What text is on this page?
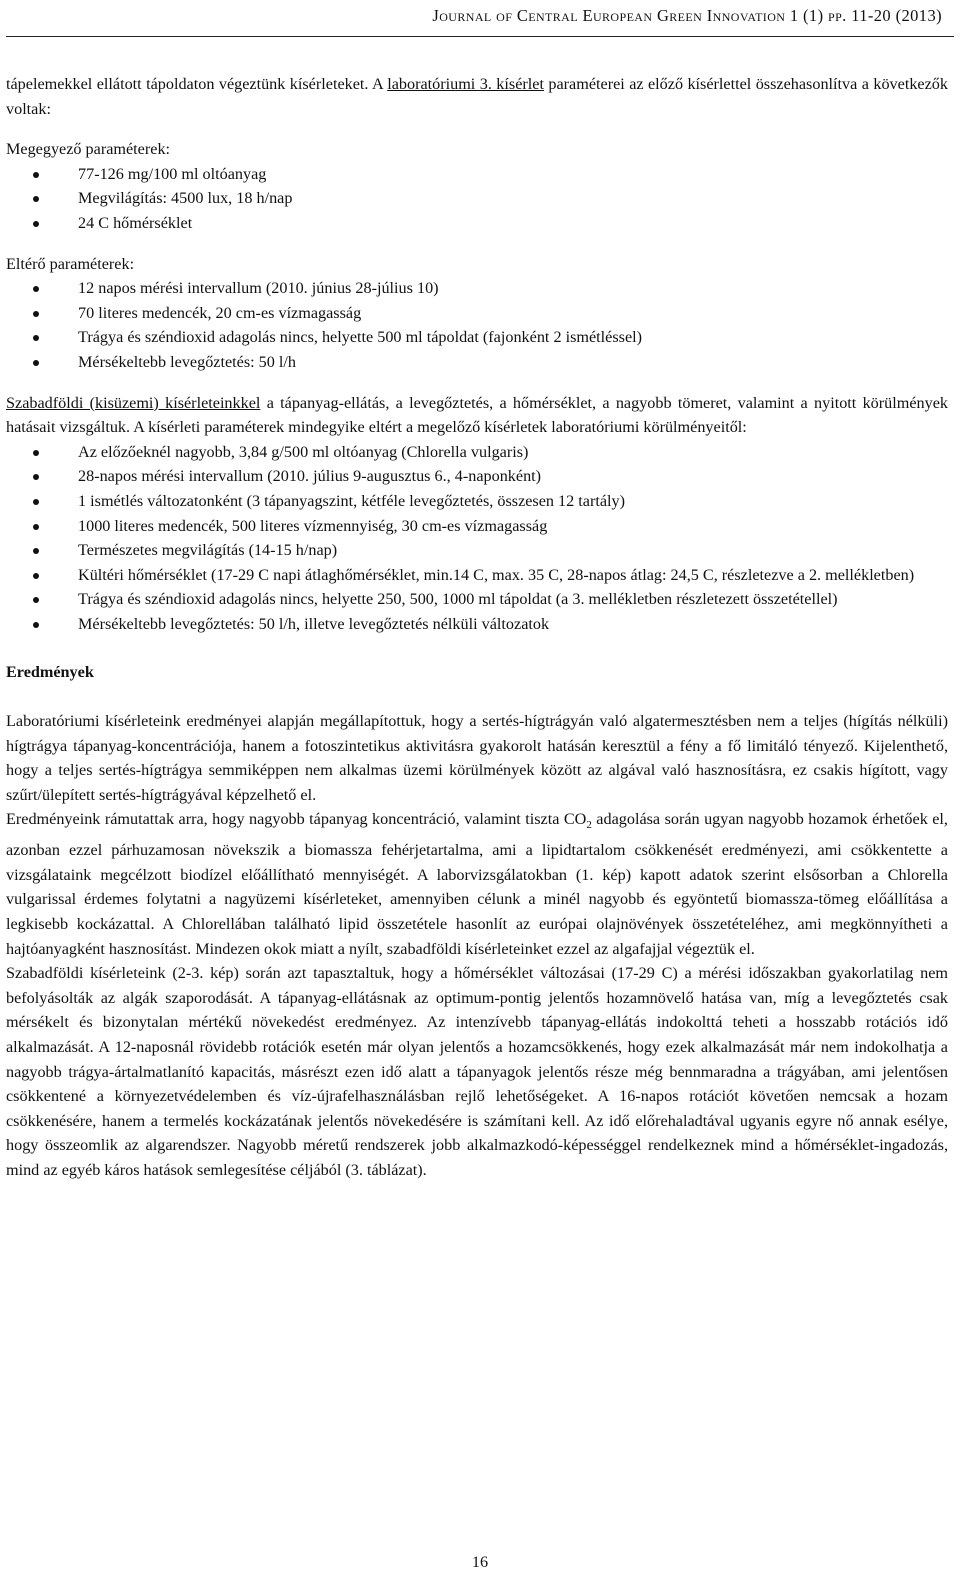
Journal of Central European Green Innovation 1 (1) pp. 11-20 (2013)

tápelemekkel ellátott tápoldaton végeztünk kísérleteket. A laboratóriumi 3. kísérlet paraméterei az előző kísérlettel összehasonlítva a következők voltak:

Megegyező paraméterek:

77-126 mg/100 ml oltóanyag
Megvilágítás: 4500 lux, 18 h/nap
24 C hőmérséklet

Eltérő paraméterek:

12 napos mérési intervallum (2010. június 28-július 10)
70 literes medencék, 20 cm-es vízmagasság
Trágya és széndioxid adagolás nincs, helyette 500 ml tápoldat (fajonként 2 ismétléssel)
Mérsékeltebb levegőztetés: 50 l/h

Szabadföldi (kisüzemi) kísérleteinkkel a tápanyag-ellátás, a levegőztetés, a hőmérséklet, a nagyobb tömeret, valamint a nyitott körülmények hatásait vizsgáltuk. A kísérleti paraméterek mindegyike eltért a megelőző kísérletek laboratóriumi körülményeitől:

Az előzőeknél nagyobb, 3,84 g/500 ml oltóanyag (Chlorella vulgaris)
28-napos mérési intervallum (2010. július 9-augusztus 6., 4-naponként)
1 ismétlés változatonként (3 tápanyagszint, kétféle levegőztetés, összesen 12 tartály)
1000 literes medencék, 500 literes vízmennyiség, 30 cm-es vízmagasság
Természetes megvilágítás (14-15 h/nap)
Kültéri hőmérséklet (17-29 C napi átlaghőmérséklet, min.14 C, max. 35 C, 28-napos átlag: 24,5 C, részletezve a 2. mellékletben)
Trágya és széndioxid adagolás nincs, helyette 250, 500, 1000 ml tápoldat (a 3. mellékletben részletezett összetétellel)
Mérsékeltebb levegőztetés: 50 l/h, illetve levegőztetés nélküli változatok

Eredmények

Laboratóriumi kísérleteink eredményei alapján megállapítottuk, hogy a sertés-hígtrágyán való algatermesztésben nem a teljes (hígítás nélküli) hígtrágya tápanyag-koncentrációja, hanem a fotoszintetikus aktivitásra gyakorolt hatásán keresztül a fény a fő limitáló tényező. Kijelenthető, hogy a teljes sertés-hígtrágya semmiképpen nem alkalmas üzemi körülmények között az algával való hasznosításra, ez csakis hígított, vagy szűrt/ülepített sertés-hígtrágyával képzelhető el.

Eredményeink rámutattak arra, hogy nagyobb tápanyag koncentráció, valamint tiszta $CO_2$ adagolása során ugyan nagyobb hozamok érhetőek el, azonban ezzel párhuzamosan növekszik a biomassza fehérjetartalma, ami a lipidtartalom csökkenését eredményezi, ami csökkentette a vizsgálataink megcélzott biodízel előállítható mennyiségét. A laborvizsgálatokban (1. kép) kapott adatok szerint elsősorban a Chlorella vulgarissal érdemes folytatni a nagyüzemi kísérleteket, amennyiben célunk a minél nagyobb és egyöntetű biomassza-tömeg előállítása a legkisebb kockázattal. A Chlorellában található lipid összetétele hasonlít az európai olajnövények összetételéhez, ami megkönnyítheti a hajtóanyagként hasznosítást. Mindezen okok miatt a nyílt, szabadföldi kísérleteinket ezzel az algafajjal végeztük el.

Szabadföldi kísérleteink (2-3. kép) során azt tapasztaltuk, hogy a hőmérséklet változásai (17-29 C) a mérési időszakban gyakorlatilag nem befolyásolták az algák szaporodását. A tápanyag-ellátásnak az optimum-pontig jelentős hozamnövelő hatása van, míg a levegőztetés csak mérsékelt és bizonytalan mértékű növekedést eredményez. Az intenzívebb tápanyag-ellátás indokolttá teheti a hosszabb rotációs idő alkalmazását. A 12-naposnál rövidebb rotációk esetén már olyan jelentős a hozamcsökkenés, hogy ezek alkalmazását már nem indokolhatja a nagyobb trágya-ártalmatlanító kapacitás, másrészt ezen idő alatt a tápanyagok jelentős része még bennmaradna a trágyában, ami jelentősen csökkentené a környezetvédelemben és víz-újrafelhasználásban rejlő lehetőségeket. A 16-napos rotációt követően nemcsak a hozam csökkenésére, hanem a termelés kockázatának jelentős növekedésére is számítani kell. Az idő előrehaladtával ugyanis egyre nő annak esélye, hogy összeomlik az algarendszer. Nagyobb méretű rendszerek jobb alkalmazkodó-képességgel rendelkeznek mind a hőmérséklet-ingadozás, mind az egyéb káros hatások semlegesítése céljából (3. táblázat).

16
